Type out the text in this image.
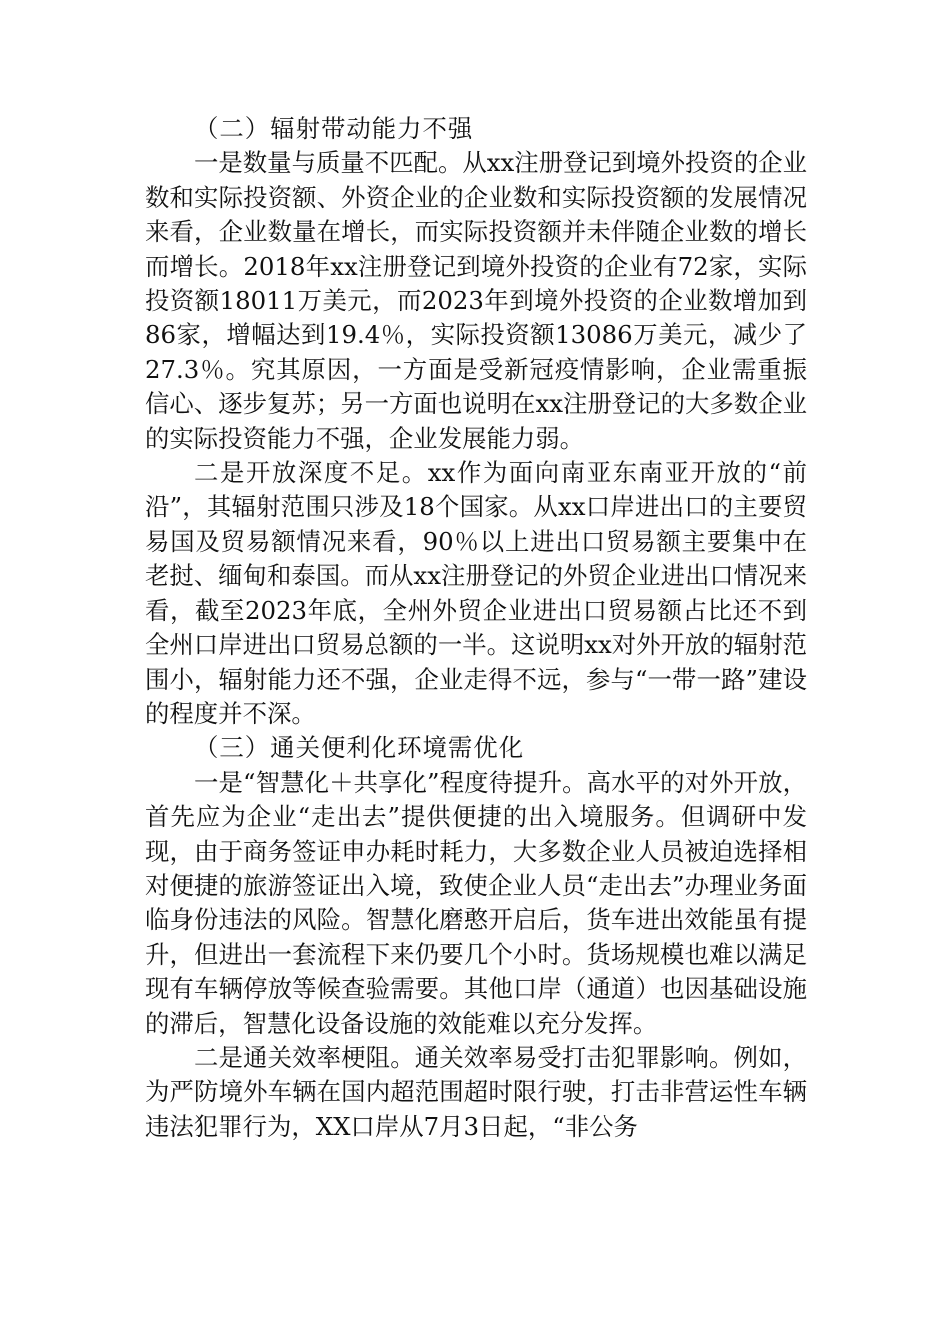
（二）辐射带动能力不强

一是数量与质量不匹配。从xx注册登记到境外投资的企业数和实际投资额、外资企业的企业数和实际投资额的发展情况来看，企业数量在增长，而实际投资额并未伴随企业数的增长而增长。2018年xx注册登记到境外投资的企业有72家，实际投资额18011万美元，而2023年到境外投资的企业数增加到86家，增幅达到19.4％，实际投资额13086万美元，减少了27.3％。究其原因，一方面是受新冠疫情影响，企业需重振信心、逐步复苏；另一方面也说明在xx注册登记的大多数企业的实际投资能力不强，企业发展能力弱。

二是开放深度不足。xx作为面向南亚东南亚开放的“前沿”，其辐射范围只涉及18个国家。从xx口岸进出口的主要贸易国及贸易额情况来看，90％以上进出口贸易额主要集中在老挝、缅甸和泰国。而从xx注册登记的外贸企业进出口情况来看，截至2023年底，全州外贸企业进出口贸易额占比还不到全州口岸进出口贸易总额的一半。这说明xx对外开放的辐射范围小，辐射能力还不强，企业走得不远，参与“一带一路”建设的程度并不深。

（三）通关便利化环境需优化

一是“智慧化＋共享化”程度待提升。高水平的对外开放，首先应为企业“走出去”提供便捷的出入境服务。但调研中发现，由于商务签证申办耗时耗力，大多数企业人员被迫选择相对便捷的旅游签证出入境，致使企业人员“走出去”办理业务面临身份违法的风险。智慧化磨憨开启后，货车进出效能虽有提升，但进出一套流程下来仍要几个小时。货场规模也难以满足现有车辆停放等候查验需要。其他口岸（通道）也因基础设施的滞后，智慧化设备设施的效能难以充分发挥。

二是通关效率梗阻。通关效率易受打击犯罪影响。例如，为严防境外车辆在国内超范围超时限行驶，打击非营运性车辆违法犯罪行为，XX口岸从7月3日起，“非公务
